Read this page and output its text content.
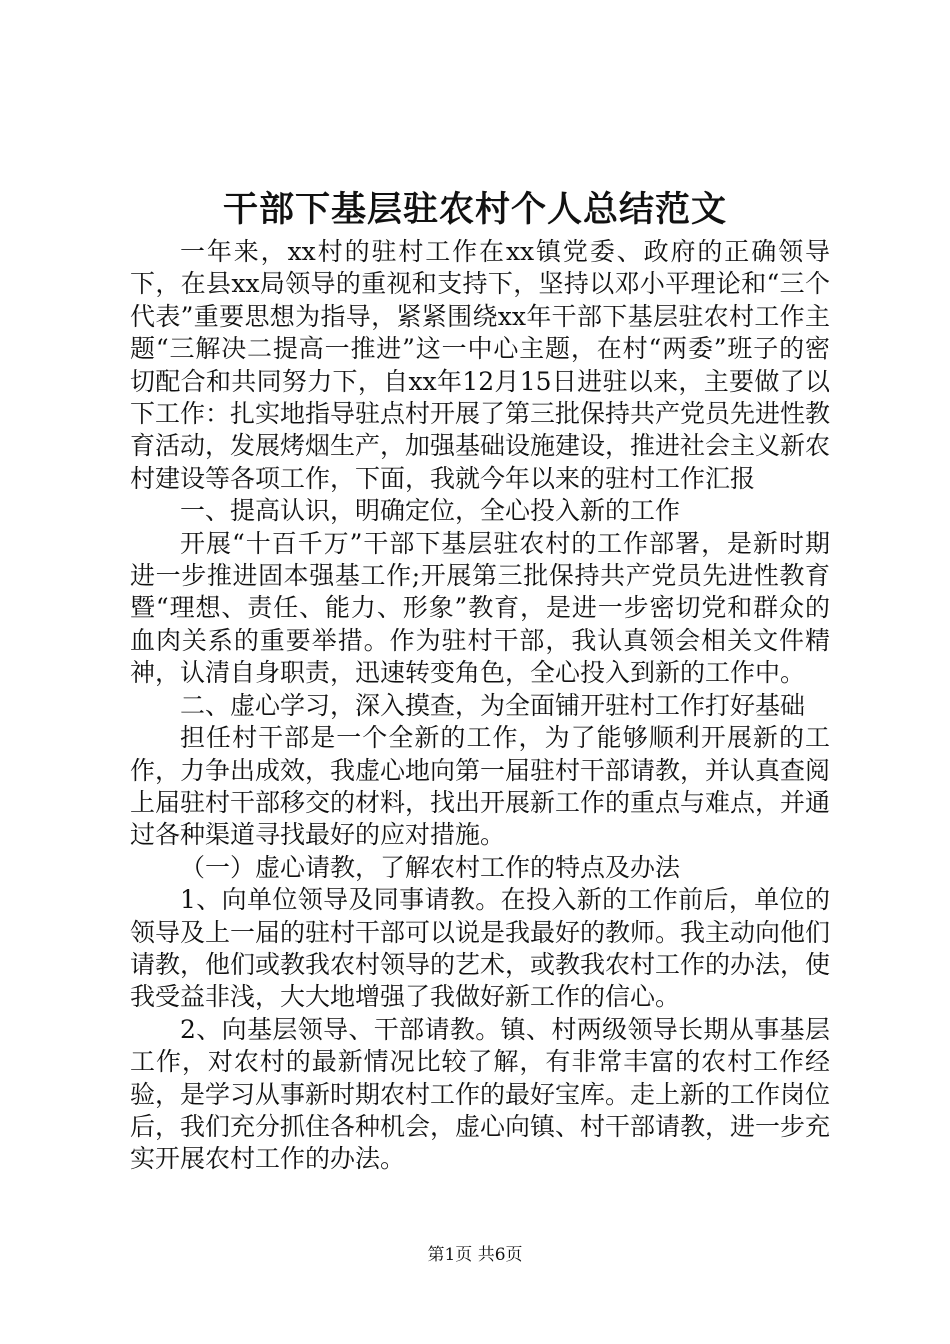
干部下基层驻农村个人总结范文

一年来，xx村的驻村工作在xx镇党委、政府的正确领导下，在县xx局领导的重视和支持下，坚持以邓小平理论和“三个代表”重要思想为指导，紧紧围绕xx年干部下基层驻农村工作主题“三解决二提高一推进”这一中心主题，在村“两委”班子的密切配合和共同努力下，自xx年12月15日进驻以来，主要做了以下工作：扎实地指导驻点村开展了第三批保持共产党员先进性教育活动，发展烤烟生产，加强基础设施建设，推进社会主义新农村建设等各项工作，下面，我就今年以来的驻村工作汇报

一、提高认识，明确定位，全心投入新的工作

开展“十百千万”干部下基层驻农村的工作部署，是新时期进一步推进固本强基工作;开展第三批保持共产党员先进性教育暨“理想、责任、能力、形象”教育，是进一步密切党和群众的血肉关系的重要举措。作为驻村干部，我认真领会相关文件精神，认清自身职责，迅速转变角色，全心投入到新的工作中。

二、虚心学习，深入摸查，为全面铺开驻村工作打好基础

担任村干部是一个全新的工作，为了能够顺利开展新的工作，力争出成效，我虚心地向第一届驻村干部请教，并认真查阅上届驻村干部移交的材料，找出开展新工作的重点与难点，并通过各种渠道寻找最好的应对措施。

（一）虚心请教，了解农村工作的特点及办法

1、向单位领导及同事请教。在投入新的工作前后，单位的领导及上一届的驻村干部可以说是我最好的教师。我主动向他们请教，他们或教我农村领导的艺术，或教我农村工作的办法，使我受益非浅，大大地增强了我做好新工作的信心。

2、向基层领导、干部请教。镇、村两级领导长期从事基层工作，对农村的最新情况比较了解，有非常丰富的农村工作经验，是学习从事新时期农村工作的最好宝库。走上新的工作岗位后，我们充分抓住各种机会，虚心向镇、村干部请教，进一步充实开展农村工作的办法。

第1页 共6页
